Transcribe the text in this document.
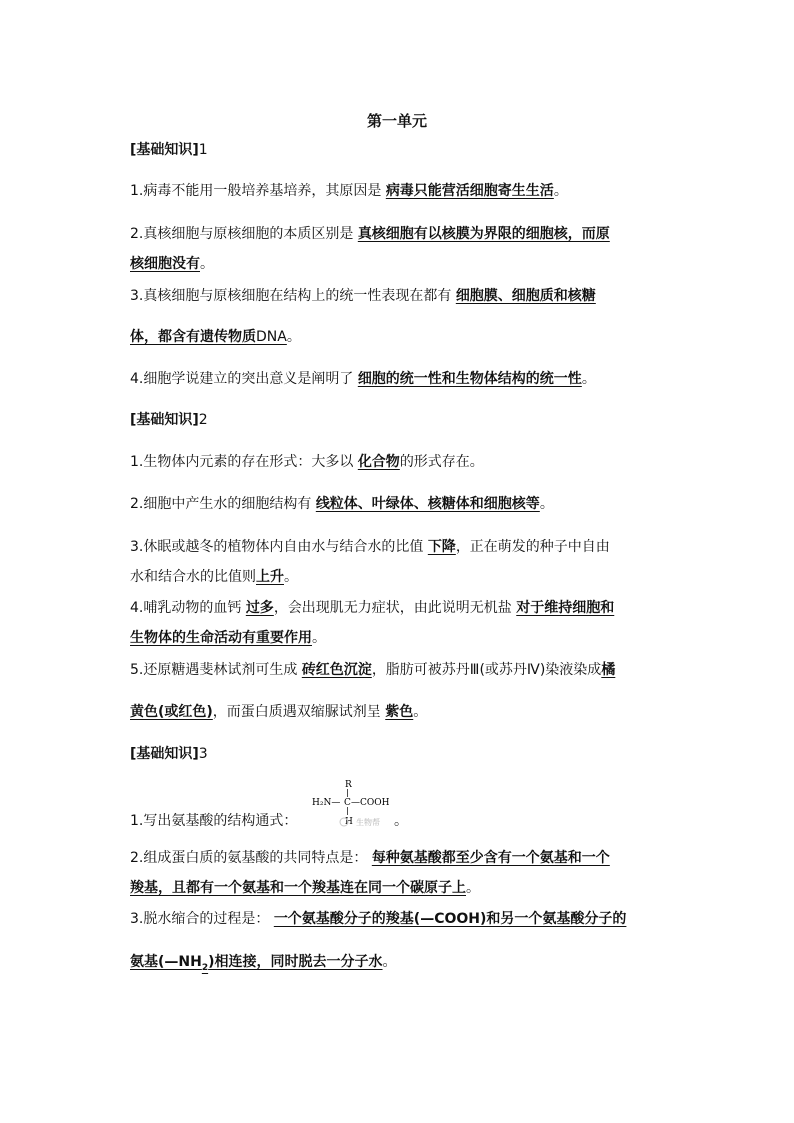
第一单元
[基础知识]1
1.病毒不能用一般培养基培养，其原因是 病毒只能营活细胞寄生生活。
2.真核细胞与原核细胞的本质区别是 真核细胞有以核膜为界限的细胞核，而原
核细胞没有。
3.真核细胞与原核细胞在结构上的统一性表现在都有 细胞膜、细胞质和核糖
体，都含有遗传物质DNA。
4.细胞学说建立的突出意义是阐明了 细胞的统一性和生物体结构的统一性。
[基础知识]2
1.生物体内元素的存在形式：大多以 化合物的形式存在。
2.细胞中产生水的细胞结构有 线粒体、叶绿体、核糖体和细胞核等。
3.休眠或越冬的植物体内自由水与结合水的比值 下降，正在萌发的种子中自由
水和结合水的比值则上升。
4.哺乳动物的血钙 过多，会出现肌无力症状，由此说明无机盐 对于维持细胞和
生物体的生命活动有重要作用。
5.还原糖遇斐林试剂可生成 砖红色沉淀，脂肪可被苏丹Ⅲ(或苏丹Ⅳ)染液染成橘
黄色(或红色)，而蛋白质遇双缩脲试剂呈 紫色。
[基础知识]3
1.写出氨基酸的结构通式：
R
H₂N— C —COOH
H 生物帮 。
2.组成蛋白质的氨基酸的共同特点是： 每种氨基酸都至少含有一个氨基和一个
羧基，且都有一个氨基和一个羧基连在同一个碳原子上。
3.脱水缩合的过程是： 一个氨基酸分子的羧基(—COOH)和另一个氨基酸分子的
氨基$(—NH_2)$相连接，同时脱去一分子水。
